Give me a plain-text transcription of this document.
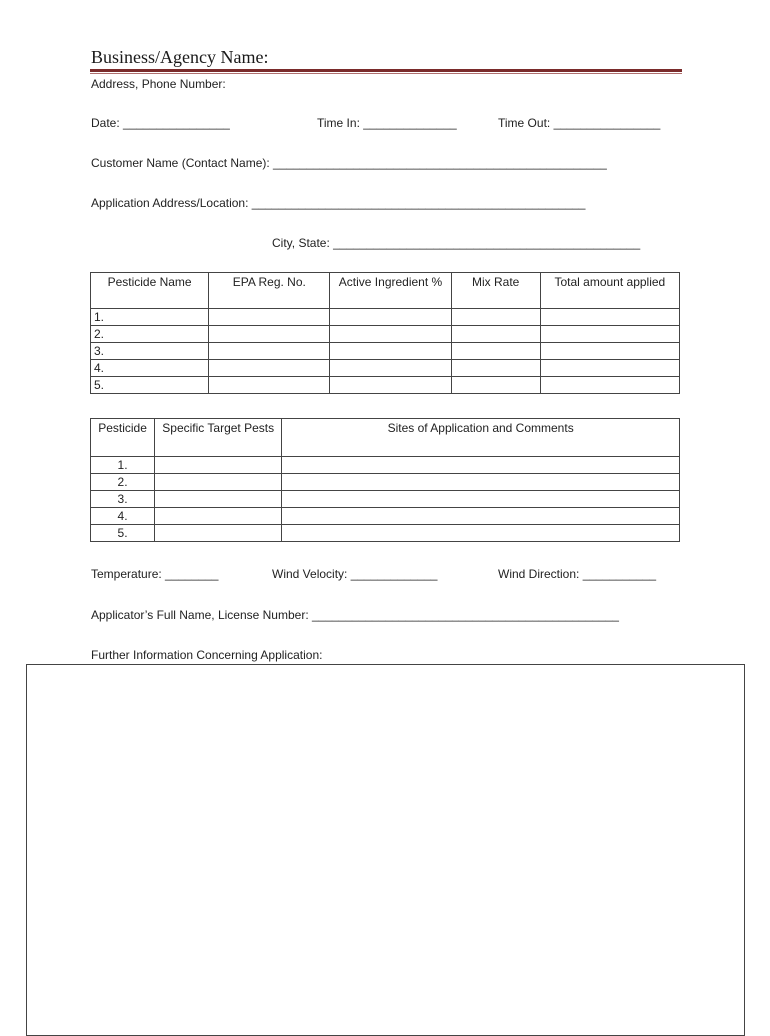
Business/Agency Name:
Address, Phone Number:
Date: ________________	Time In: ______________	Time Out: ________________
Customer Name (Contact Name): __________________________________________________
Application Address/Location: __________________________________________________
City, State: ______________________________________________
Pesticide Name	EPA Reg. No.	Active Ingredient %	Mix Rate	Total amount applied
1.				
2.				
3.				
4.				
5.				
Pesticide	Specific Target Pests	Sites of Application and Comments
1.		
2.		
3.		
4.		
5.		
Temperature: ________	Wind Velocity: _____________	Wind Direction: ___________
Applicator’s Full Name, License Number: ______________________________________________
Further Information Concerning Application:
